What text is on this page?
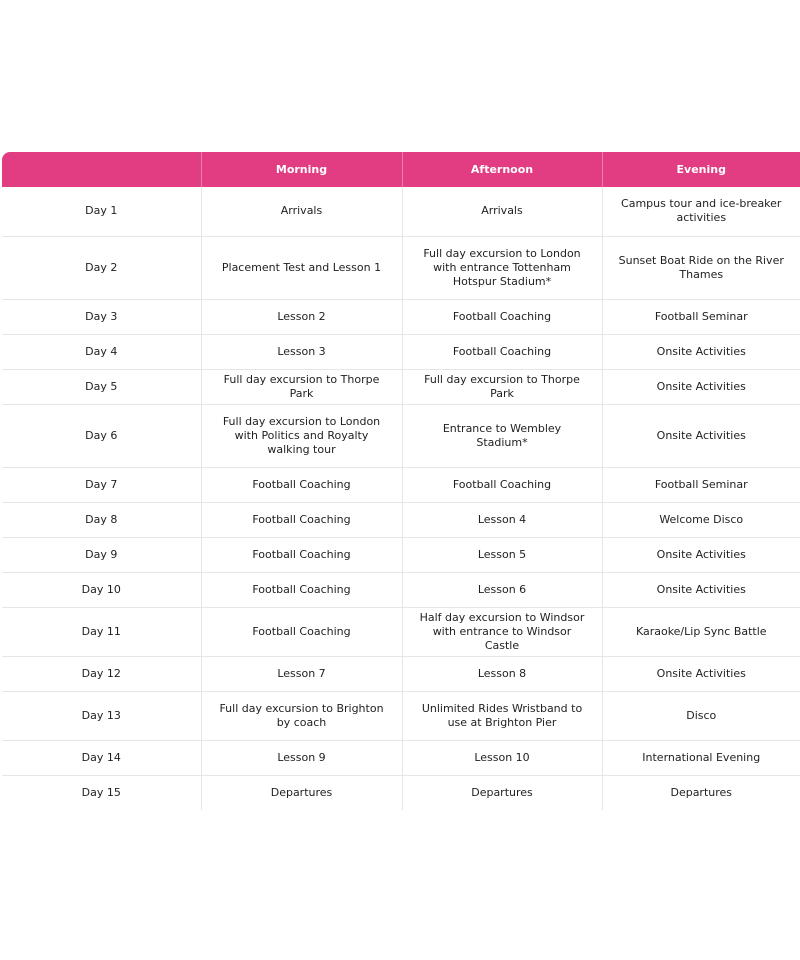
	Morning	Afternoon	Evening
Day 1	Arrivals	Arrivals	Campus tour and ice-breaker activities
Day 2	Placement Test and Lesson 1	Full day excursion to London with entrance Tottenham Hotspur Stadium*	Sunset Boat Ride on the River Thames
Day 3	Lesson 2	Football Coaching	Football Seminar
Day 4	Lesson 3	Football Coaching	Onsite Activities
Day 5	Full day excursion to Thorpe Park	Full day excursion to Thorpe Park	Onsite Activities
Day 6	Full day excursion to London with Politics and Royalty walking tour	Entrance to Wembley Stadium*	Onsite Activities
Day 7	Football Coaching	Football Coaching	Football Seminar
Day 8	Football Coaching	Lesson 4	Welcome Disco
Day 9	Football Coaching	Lesson 5	Onsite Activities
Day 10	Football Coaching	Lesson 6	Onsite Activities
Day 11	Football Coaching	Half day excursion to Windsor with entrance to Windsor Castle	Karaoke/Lip Sync Battle
Day 12	Lesson 7	Lesson 8	Onsite Activities
Day 13	Full day excursion to Brighton by coach	Unlimited Rides Wristband to use at Brighton Pier	Disco
Day 14	Lesson 9	Lesson 10	International Evening
Day 15	Departures	Departures	Departures
